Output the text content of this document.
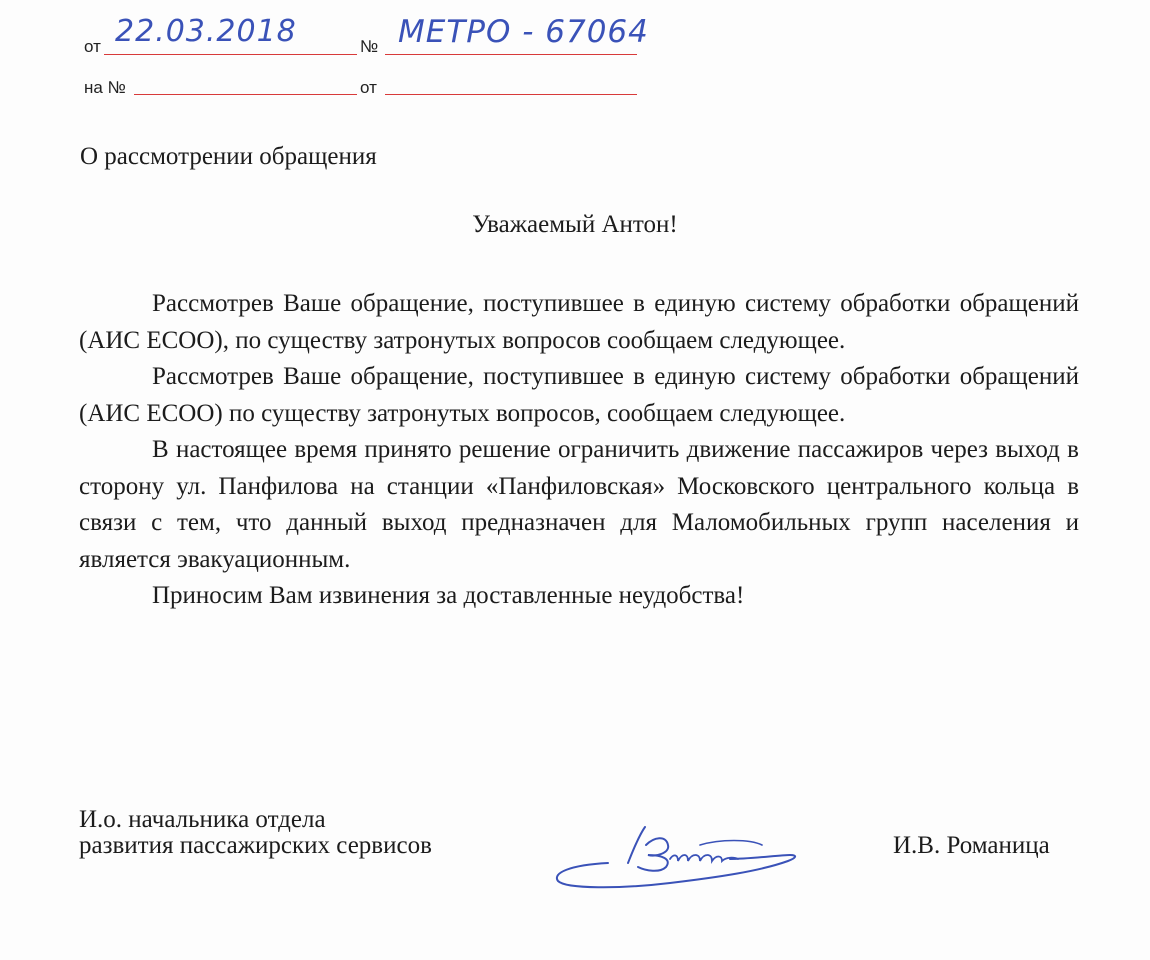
от 22.03.2018	№ МЕТРО - 67064
на №	от
О рассмотрении обращения
Уважаемый Антон!

Рассмотрев Ваше обращение, поступившее в единую систему обработки обращений (АИС ЕСОО), по существу затронутых вопросов сообщаем следующее.

Рассмотрев Ваше обращение, поступившее в единую систему обработки обращений (АИС ЕСОО) по существу затронутых вопросов, сообщаем следующее.

В настоящее время принято решение ограничить движение пассажиров через выход в сторону ул. Панфилова на станции «Панфиловская» Московского центрального кольца в связи с тем, что данный выход предназначен для Маломобильных групп населения и является эвакуационным.

Приносим Вам извинения за доставленные неудобства!

И.о. начальника отдела
развития пассажирских сервисов	И.В. Романица
